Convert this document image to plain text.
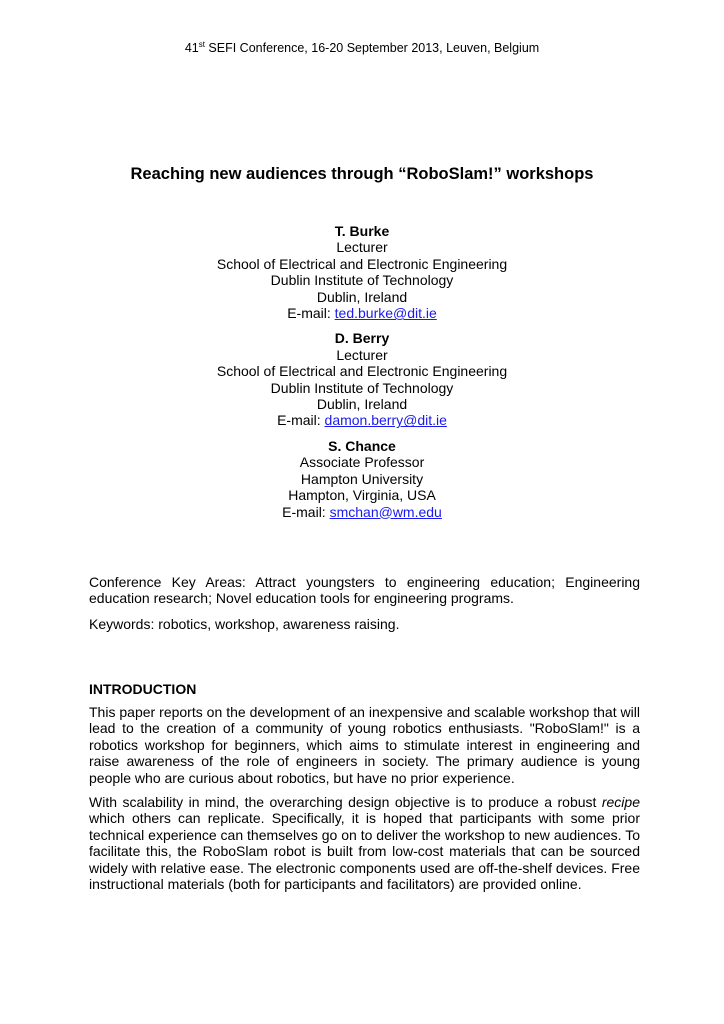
41st SEFI Conference, 16-20 September 2013, Leuven, Belgium
Reaching new audiences through “RoboSlam!” workshops
T. Burke
Lecturer
School of Electrical and Electronic Engineering
Dublin Institute of Technology
Dublin, Ireland
E-mail: ted.burke@dit.ie
D. Berry
Lecturer
School of Electrical and Electronic Engineering
Dublin Institute of Technology
Dublin, Ireland
E-mail: damon.berry@dit.ie
S. Chance
Associate Professor
Hampton University
Hampton, Virginia, USA
E-mail: smchan@wm.edu
Conference Key Areas: Attract youngsters to engineering education; Engineering education research; Novel education tools for engineering programs.
Keywords: robotics, workshop, awareness raising.
INTRODUCTION
This paper reports on the development of an inexpensive and scalable workshop that will lead to the creation of a community of young robotics enthusiasts. "RoboSlam!" is a robotics workshop for beginners, which aims to stimulate interest in engineering and raise awareness of the role of engineers in society. The primary audience is young people who are curious about robotics, but have no prior experience.
With scalability in mind, the overarching design objective is to produce a robust recipe which others can replicate. Specifically, it is hoped that participants with some prior technical experience can themselves go on to deliver the workshop to new audiences. To facilitate this, the RoboSlam robot is built from low-cost materials that can be sourced widely with relative ease. The electronic components used are off-the-shelf devices. Free instructional materials (both for participants and facilitators) are provided online.
